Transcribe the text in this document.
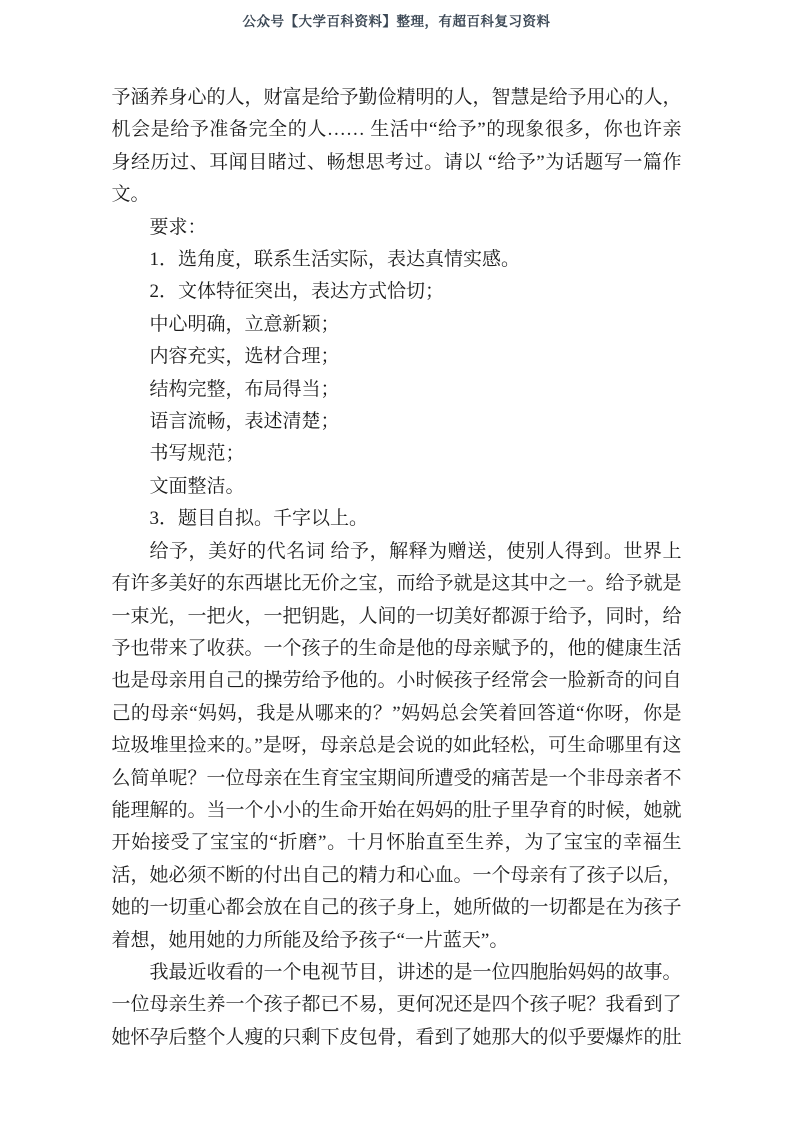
公众号【大学百科资料】整理，有超百科复习资料

予涵养身心的人，财富是给予勤俭精明的人，智慧是给予用心的人，机会是给予准备完全的人…… 生活中“给予”的现象很多，你也许亲身经历过、耳闻目睹过、畅想思考过。请以 “给予”为话题写一篇作文。

要求：

1．选角度，联系生活实际，表达真情实感。

2．文体特征突出，表达方式恰切；

中心明确，立意新颖；

内容充实，选材合理；

结构完整，布局得当；

语言流畅，表述清楚；

书写规范；

文面整洁。

3．题目自拟。千字以上。

给予，美好的代名词 给予，解释为赠送，使别人得到。世界上有许多美好的东西堪比无价之宝，而给予就是这其中之一。给予就是一束光，一把火，一把钥匙，人间的一切美好都源于给予，同时，给予也带来了收获。一个孩子的生命是他的母亲赋予的，他的健康生活也是母亲用自己的操劳给予他的。小时候孩子经常会一脸新奇的问自己的母亲“妈妈，我是从哪来的？”妈妈总会笑着回答道“你呀，你是垃圾堆里捡来的。”是呀，母亲总是会说的如此轻松，可生命哪里有这么简单呢？一位母亲在生育宝宝期间所遭受的痛苦是一个非母亲者不能理解的。当一个小小的生命开始在妈妈的肚子里孕育的时候，她就开始接受了宝宝的“折磨”。十月怀胎直至生养，为了宝宝的幸福生活，她必须不断的付出自己的精力和心血。一个母亲有了孩子以后，她的一切重心都会放在自己的孩子身上，她所做的一切都是在为孩子着想，她用她的力所能及给予孩子“一片蓝天”。

我最近收看的一个电视节目，讲述的是一位四胞胎妈妈的故事。一位母亲生养一个孩子都已不易，更何况还是四个孩子呢？我看到了她怀孕后整个人瘦的只剩下皮包骨，看到了她那大的似乎要爆炸的肚
